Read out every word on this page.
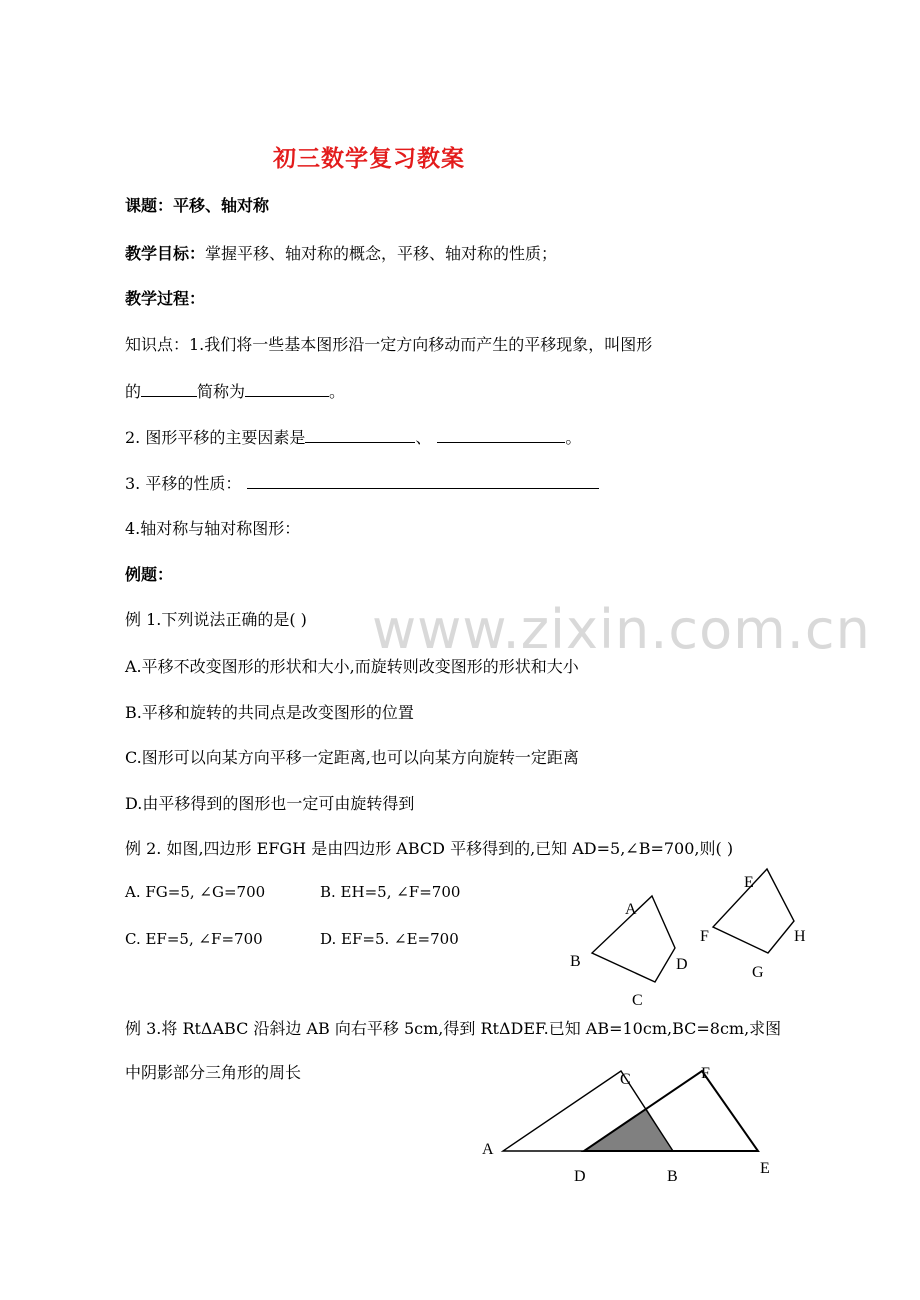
www.zixin.com.cn
初三数学复习教案
课题：平移、轴对称
教学目标：掌握平移、轴对称的概念，平移、轴对称的性质；
教学过程：
知识点：1.我们将一些基本图形沿一定方向移动而产生的平移现象，叫图形
的	简称为	。
2. 图形平移的主要因素是	、	。
3. 平移的性质：
4.轴对称与轴对称图形：
例题：
例 1.下列说法正确的是( )
A.平移不改变图形的形状和大小,而旋转则改变图形的形状和大小
B.平移和旋转的共同点是改变图形的位置
C.图形可以向某方向平移一定距离,也可以向某方向旋转一定距离
D.由平移得到的图形也一定可由旋转得到
例 2. 如图,四边形 EFGH 是由四边形 ABCD 平移得到的,已知 AD=5,∠B=700,则( )
A. FG=5, ∠G=700	B. EH=5, ∠F=700
C. EF=5, ∠F=700	D. EF=5. ∠E=700
A
B
C
D
E
F
G
H
例 3.将 RtΔABC 沿斜边 AB 向右平移 5cm,得到 RtΔDEF.已知 AB=10cm,BC=8cm,求图
中阴影部分三角形的周长
A
B
C
D	E
F
